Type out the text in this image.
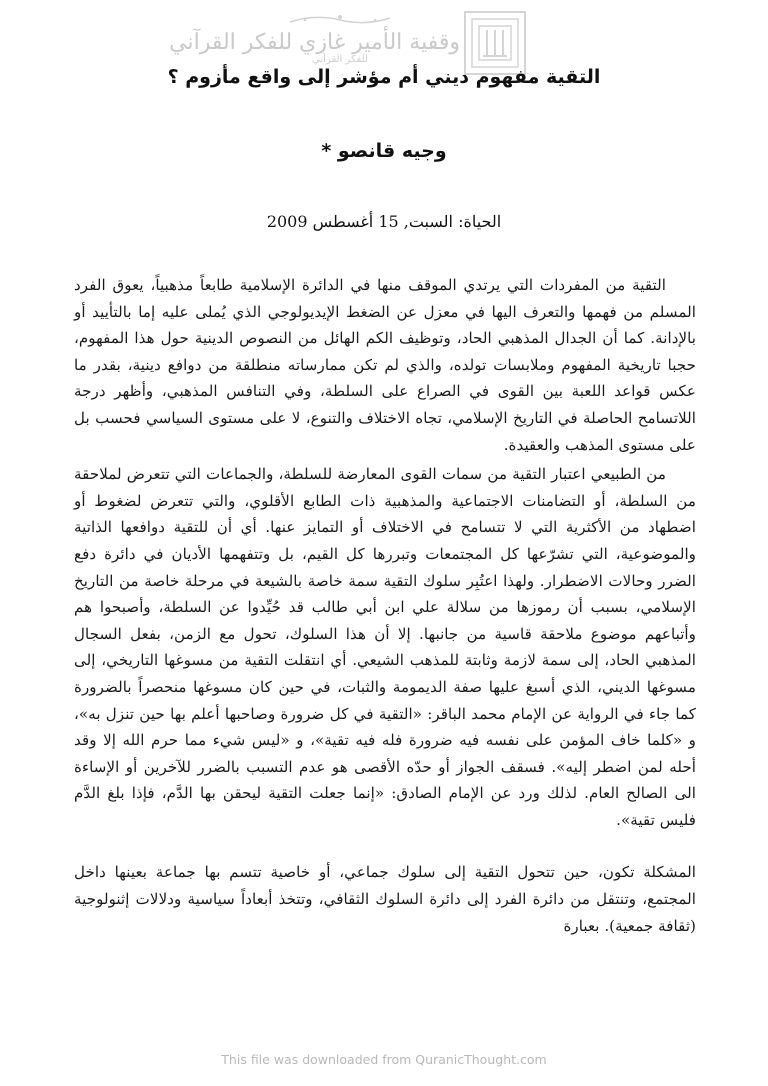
وقفية الأمير غازي للفكر القرآني
للفكر القرآني
التقية مفهوم ديني أم مؤشر إلى واقع مأزوم ؟
وجيه قانصو *
الحياة: السبت, 15 أغسطس 2009

التقية من المفردات التي يرتدي الموقف منها في الدائرة الإسلامية طابعاً مذهبياً، يعوق الفرد المسلم من فهمها والتعرف اليها في معزل عن الضغط الإيديولوجي الذي يُملى عليه إما بالتأييد أو بالإدانة. كما أن الجدال المذهبي الحاد، وتوظيف الكم الهائل من النصوص الدينية حول هذا المفهوم، حجبا تاريخية المفهوم وملابسات تولده، والذي لم تكن ممارساته منطلقة من دوافع دينية، بقدر ما عكس قواعد اللعبة بين القوى في الصراع على السلطة، وفي التنافس المذهبي، وأظهر درجة اللاتسامح الحاصلة في التاريخ الإسلامي، تجاه الاختلاف والتنوع، لا على مستوى السياسي فحسب بل على مستوى المذهب والعقيدة.

من الطبيعي اعتبار التقية من سمات القوى المعارضة للسلطة، والجماعات التي تتعرض لملاحقة من السلطة، أو التضامنات الاجتماعية والمذهبية ذات الطابع الأقلوي، والتي تتعرض لضغوط أو اضطهاد من الأكثرية التي لا تتسامح في الاختلاف أو التمايز عنها. أي أن للتقية دوافعها الذاتية والموضوعية، التي تشرّعها كل المجتمعات وتبررها كل القيم، بل وتتفهمها الأديان في دائرة دفع الضرر وحالات الاضطرار. ولهذا اعتُبِر سلوك التقية سمة خاصة بالشيعة في مرحلة خاصة من التاريخ الإسلامي، بسبب أن رموزها من سلالة علي ابن أبي طالب قد حُيِّدوا عن السلطة، وأصبحوا هم وأتباعهم موضوع ملاحقة قاسية من جانبها. إلا أن هذا السلوك، تحول مع الزمن، بفعل السجال المذهبي الحاد، إلى سمة لازمة وثابتة للمذهب الشيعي. أي انتقلت التقية من مسوغها التاريخي، إلى مسوغها الديني، الذي أسبغ عليها صفة الديمومة والثبات، في حين كان مسوغها منحصراً بالضرورة كما جاء في الرواية عن الإمام محمد الباقر: «التقية في كل ضرورة وصاحبها أعلم بها حين تنزل به»، و «كلما خاف المؤمن على نفسه فيه ضرورة فله فيه تقية»، و «ليس شيء مما حرم الله إلا وقد أحله لمن اضطر إليه». فسقف الجواز أو حدّه الأقصى هو عدم التسبب بالضرر للآخرين أو الإساءة الى الصالح العام. لذلك ورد عن الإمام الصادق: «إنما جعلت التقية ليحقن بها الدَّم، فإذا بلغ الدَّم فليس تقية».

المشكلة تكون، حين تتحول التقية إلى سلوك جماعي، أو خاصية تتسم بها جماعة بعينها داخل المجتمع، وتنتقل من دائرة الفرد إلى دائرة السلوك الثقافي، وتتخذ أبعاداً سياسية ودلالات إثنولوجية (ثقافة جمعية). بعبارة

This file was downloaded from QuranicThought.com
